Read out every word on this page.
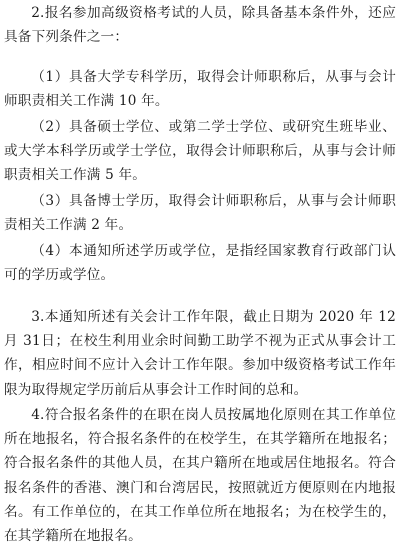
2.报名参加高级资格考试的人员，除具备基本条件外，还应具备下列条件之一：

（1）具备大学专科学历，取得会计师职称后，从事与会计师职责相关工作满 10 年。

（2）具备硕士学位、或第二学士学位、或研究生班毕业、或大学本科学历或学士学位，取得会计师职称后，从事与会计师职责相关工作满 5 年。

（3）具备博士学历，取得会计师职称后，从事与会计师职责相关工作满 2 年。

（4）本通知所述学历或学位，是指经国家教育行政部门认可的学历或学位。

3.本通知所述有关会计工作年限，截止日期为 2020 年 12 月 31日；在校生利用业余时间勤工助学不视为正式从事会计工作，相应时间不应计入会计工作年限。参加中级资格考试工作年限为取得规定学历前后从事会计工作时间的总和。

4.符合报名条件的在职在岗人员按属地化原则在其工作单位所在地报名，符合报名条件的在校学生，在其学籍所在地报名；符合报名条件的其他人员，在其户籍所在地或居住地报名。符合报名条件的香港、澳门和台湾居民，按照就近方便原则在内地报名。有工作单位的，在其工作单位所在地报名；为在校学生的，在其学籍所在地报名。
